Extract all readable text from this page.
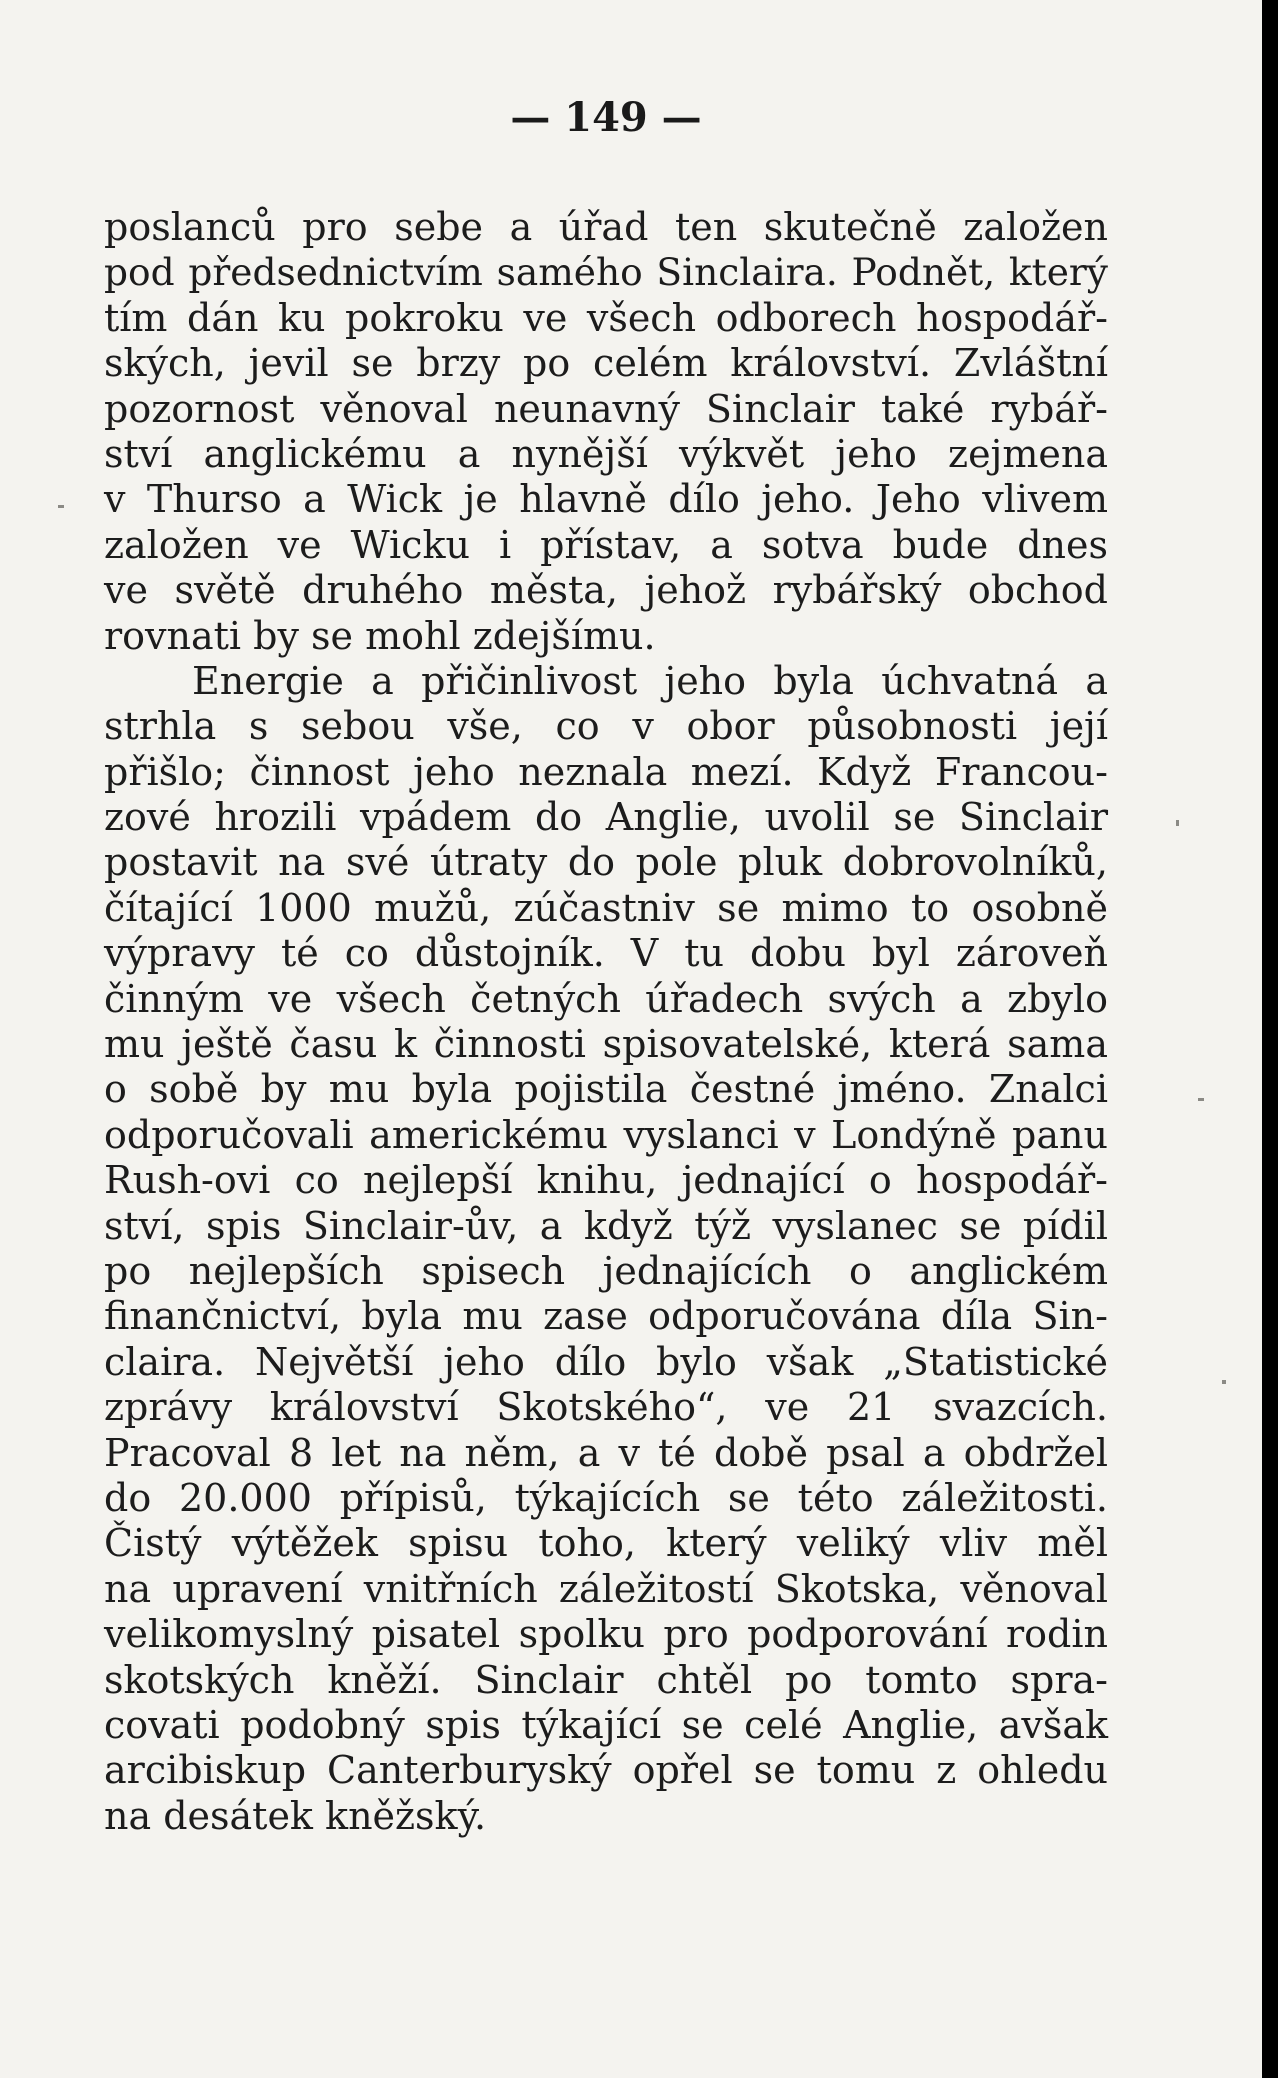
— 149 —

poslanců pro sebe a úřad ten skutečně založen
pod předsednictvím samého Sinclaira. Podnět, který
tím dán ku pokroku ve všech odborech hospodář-
ských, jevil se brzy po celém království. Zvláštní
pozornost věnoval neunavný Sinclair také rybář-
ství anglickému a nynější výkvět jeho zejmena
v Thurso a Wick je hlavně dílo jeho. Jeho vlivem
založen ve Wicku i přístav, a sotva bude dnes
ve světě druhého města, jehož rybářský obchod
rovnati by se mohl zdejšímu.
Energie a přičinlivost jeho byla úchvatná a
strhla s sebou vše, co v obor působnosti její
přišlo; činnost jeho neznala mezí. Když Francou-
zové hrozili vpádem do Anglie, uvolil se Sinclair
postavit na své útraty do pole pluk dobrovolníků,
čítající 1000 mužů, zúčastniv se mimo to osobně
výpravy té co důstojník. V tu dobu byl zároveň
činným ve všech četných úřadech svých a zbylo
mu ještě času k činnosti spisovatelské, která sama
o sobě by mu byla pojistila čestné jméno. Znalci
odporučovali americkému vyslanci v Londýně panu
Rush-ovi co nejlepší knihu, jednající o hospodář-
ství, spis Sinclair-ův, a když týž vyslanec se pídil
po nejlepších spisech jednajících o anglickém
finančnictví, byla mu zase odporučována díla Sin-
claira. Největší jeho dílo bylo však „Statistické
zprávy království Skotského“, ve 21 svazcích.
Pracoval 8 let na něm, a v té době psal a obdržel
do 20.000 přípisů, týkajících se této záležitosti.
Čistý výtěžek spisu toho, který veliký vliv měl
na upravení vnitřních záležitostí Skotska, věnoval
velikomyslný pisatel spolku pro podporování rodin
skotských kněží. Sinclair chtěl po tomto spra-
covati podobný spis týkající se celé Anglie, avšak
arcibiskup Canterburyský opřel se tomu z ohledu
na desátek kněžský.
